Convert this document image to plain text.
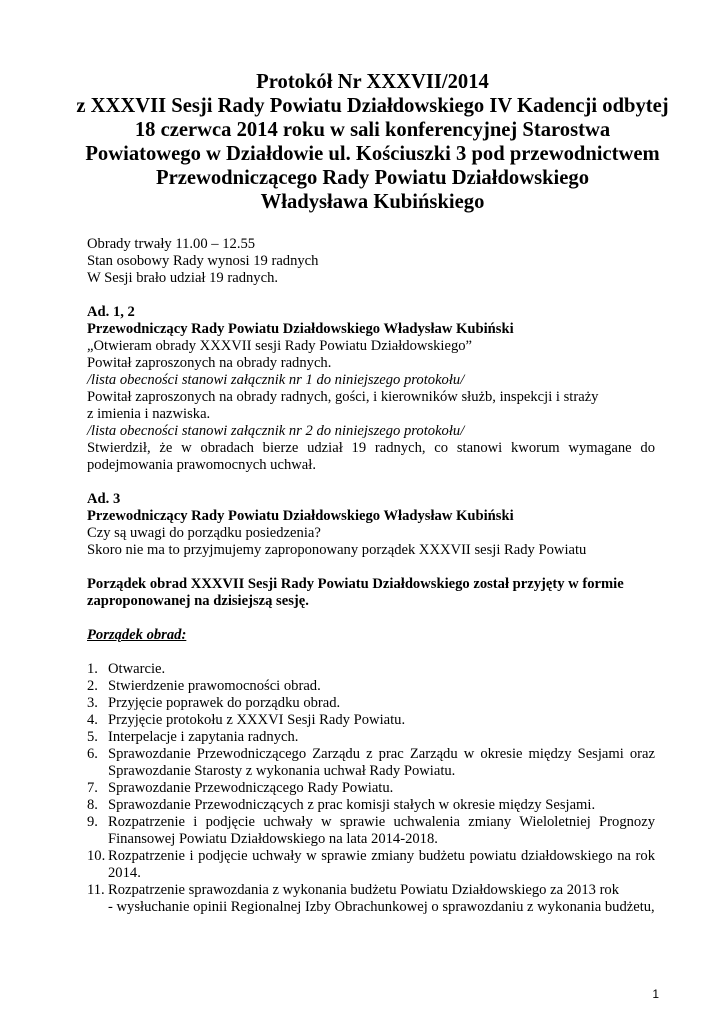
Protokół Nr XXXVII/2014
z XXXVII Sesji Rady Powiatu Działdowskiego IV Kadencji odbytej
18 czerwca 2014 roku w sali konferencyjnej Starostwa
Powiatowego w Działdowie ul. Kościuszki 3 pod przewodnictwem
Przewodniczącego Rady Powiatu Działdowskiego
Władysława Kubińskiego
Obrady trwały 11.00 – 12.55
Stan osobowy Rady wynosi 19 radnych
W Sesji brało udział 19 radnych.
Ad. 1, 2
Przewodniczący Rady Powiatu Działdowskiego Władysław Kubiński
„Otwieram obrady XXXVII sesji Rady Powiatu Działdowskiego”
Powitał zaproszonych na obrady radnych.
/lista obecności stanowi załącznik nr 1 do niniejszego protokołu/
Powitał zaproszonych na obrady radnych, gości, i kierowników służb, inspekcji i straży
z imienia i nazwiska.
/lista obecności stanowi załącznik nr 2 do niniejszego protokołu/
Stwierdził, że w obradach bierze udział 19 radnych, co stanowi kworum wymagane do podejmowania prawomocnych uchwał.
Ad. 3
Przewodniczący Rady Powiatu Działdowskiego Władysław Kubiński
Czy są uwagi do porządku posiedzenia?
Skoro nie ma to przyjmujemy zaproponowany porządek XXXVII sesji Rady Powiatu
Porządek obrad XXXVII Sesji Rady Powiatu Działdowskiego został przyjęty w formie
zaproponowanej na dzisiejszą sesję.
Porządek obrad:
1. Otwarcie.
2. Stwierdzenie prawomocności obrad.
3. Przyjęcie poprawek do porządku obrad.
4. Przyjęcie protokołu z XXXVI Sesji Rady Powiatu.
5. Interpelacje i zapytania radnych.
6. Sprawozdanie Przewodniczącego Zarządu z prac Zarządu w okresie między Sesjami oraz Sprawozdanie Starosty z wykonania uchwał Rady Powiatu.
7. Sprawozdanie Przewodniczącego Rady Powiatu.
8. Sprawozdanie Przewodniczących z prac komisji stałych w okresie między Sesjami.
9. Rozpatrzenie i podjęcie uchwały w sprawie uchwalenia zmiany Wieloletniej Prognozy Finansowej Powiatu Działdowskiego na lata 2014-2018.
10. Rozpatrzenie i podjęcie uchwały w sprawie zmiany budżetu powiatu działdowskiego na rok 2014.
11. Rozpatrzenie sprawozdania z wykonania budżetu Powiatu Działdowskiego za 2013 rok
- wysłuchanie opinii Regionalnej Izby Obrachunkowej o sprawozdaniu z wykonania budżetu,
1
